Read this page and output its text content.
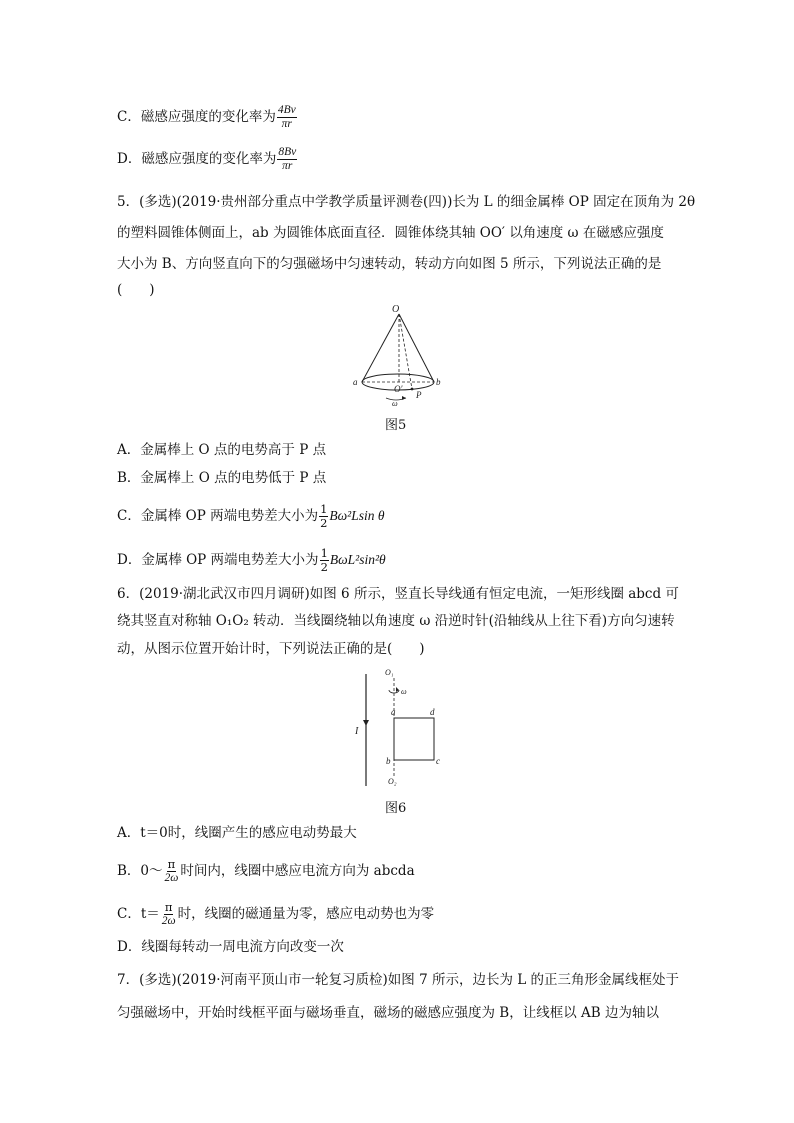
C．磁感应强度的变化率为 $\frac{4Bv}{\pi r}$
D．磁感应强度的变化率为 $\frac{8Bv}{\pi r}$
5．(多选)(2019·贵州部分重点中学教学质量评测卷(四))长为 L 的细金属棒 OP 固定在顶角为 2θ
的塑料圆锥体侧面上，ab 为圆锥体底面直径．圆锥体绕其轴 OO′ 以角速度 ω 在磁感应强度
大小为 B、方向竖直向下的匀强磁场中匀速转动，转动方向如图 5 所示，下列说法正确的是
(　　)
O
a	b
O′
P
ω
图5
A．金属棒上 O 点的电势高于 P 点
B．金属棒上 O 点的电势低于 P 点
C．金属棒 OP 两端电势差大小为 $\frac{1}{2} B\omega^2Lsin$ θ
D．金属棒 OP 两端电势差大小为 $\frac{1}{2} B\omega L^2\sin^2\theta$
6．(2019·湖北武汉市四月调研)如图 6 所示，竖直长导线通有恒定电流，一矩形线圈 abcd 可
绕其竖直对称轴 O₁O₂ 转动．当线圈绕轴以角速度 ω 沿逆时针(沿轴线从上往下看)方向匀速转
动，从图示位置开始计时，下列说法正确的是(　　)
I
O₁
ω
a	d
b	c
O₂
图6
A．t＝0时，线圈产生的感应电动势最大
B．0～ $\frac{\pi}{2\omega}$ 时间内，线圈中感应电流方向为 abcda
C．$t= \frac{\pi}{2\omega}$ 时，线圈的磁通量为零，感应电动势也为零
D．线圈每转动一周电流方向改变一次
7．(多选)(2019·河南平顶山市一轮复习质检)如图 7 所示，边长为 L 的正三角形金属线框处于
匀强磁场中，开始时线框平面与磁场垂直，磁场的磁感应强度为 B，让线框以 AB 边为轴以
